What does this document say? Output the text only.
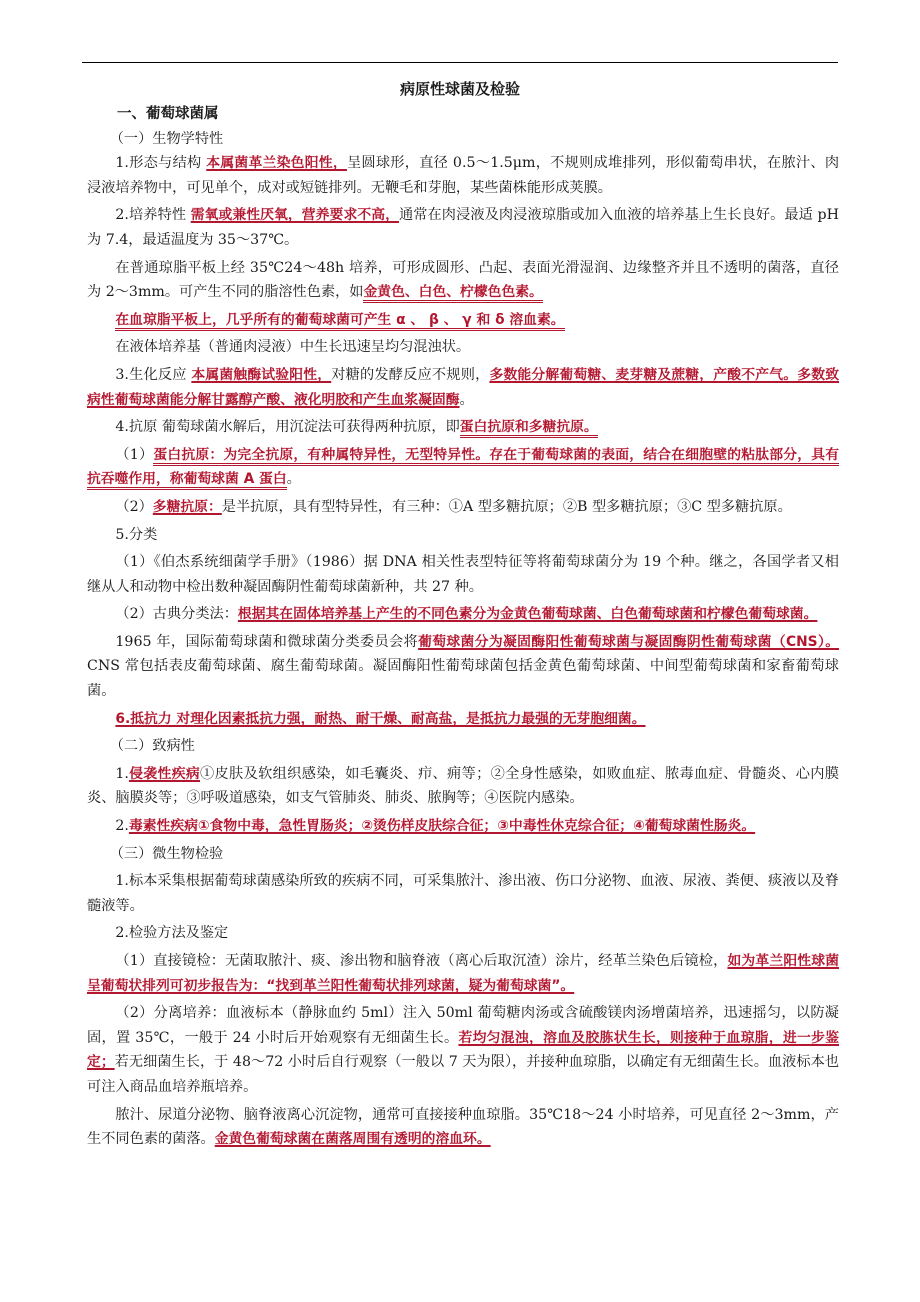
病原性球菌及检验

一、葡萄球菌属

（一）生物学特性

1.形态与结构 本属菌革兰染色阳性，呈圆球形，直径 0.5～1.5μm，不规则成堆排列，形似葡萄串状，在脓汁、肉浸液培养物中，可见单个，成对或短链排列。无鞭毛和芽胞，某些菌株能形成荚膜。

2.培养特性 需氧或兼性厌氧，营养要求不高，通常在肉浸液及肉浸液琼脂或加入血液的培养基上生长良好。最适 pH 为 7.4，最适温度为 35～37℃。

在普通琼脂平板上经 35℃24～48h 培养，可形成圆形、凸起、表面光滑湿润、边缘整齐并且不透明的菌落，直径为 2～3mm。可产生不同的脂溶性色素，如金黄色、白色、柠檬色色素。

在血琼脂平板上，几乎所有的葡萄球菌可产生 α 、 β 、 γ 和 δ 溶血素。

在液体培养基（普通肉浸液）中生长迅速呈均匀混浊状。

3.生化反应 本属菌触酶试验阳性，对糖的发酵反应不规则，多数能分解葡萄糖、麦芽糖及蔗糖，产酸不产气。多数致病性葡萄球菌能分解甘露醇产酸、液化明胶和产生血浆凝固酶。

4.抗原 葡萄球菌水解后，用沉淀法可获得两种抗原，即蛋白抗原和多糖抗原。

（1）蛋白抗原：为完全抗原，有种属特异性，无型特异性。存在于葡萄球菌的表面，结合在细胞壁的粘肽部分，具有抗吞噬作用，称葡萄球菌 A 蛋白。

（2）多糖抗原：是半抗原，具有型特异性，有三种：①A 型多糖抗原；②B 型多糖抗原；③C 型多糖抗原。

5.分类

（1）《伯杰系统细菌学手册》（1986）据 DNA 相关性表型特征等将葡萄球菌分为 19 个种。继之，各国学者又相继从人和动物中检出数种凝固酶阴性葡萄球菌新种，共 27 种。

（2）古典分类法：根据其在固体培养基上产生的不同色素分为金黄色葡萄球菌、白色葡萄球菌和柠檬色葡萄球菌。

1965 年，国际葡萄球菌和微球菌分类委员会将葡萄球菌分为凝固酶阳性葡萄球菌与凝固酶阴性葡萄球菌（CNS）。CNS 常包括表皮葡萄球菌、腐生葡萄球菌。凝固酶阳性葡萄球菌包括金黄色葡萄球菌、中间型葡萄球菌和家畜葡萄球菌。

6.抵抗力 对理化因素抵抗力强，耐热、耐干燥、耐高盐，是抵抗力最强的无芽胞细菌。

（二）致病性

1.侵袭性疾病①皮肤及软组织感染，如毛囊炎、疖、痈等；②全身性感染，如败血症、脓毒血症、骨髓炎、心内膜炎、脑膜炎等；③呼吸道感染，如支气管肺炎、肺炎、脓胸等；④医院内感染。

2.毒素性疾病①食物中毒，急性胃肠炎；②烫伤样皮肤综合征；③中毒性休克综合征；④葡萄球菌性肠炎。

（三）微生物检验

1.标本采集根据葡萄球菌感染所致的疾病不同，可采集脓汁、渗出液、伤口分泌物、血液、尿液、粪便、痰液以及脊髓液等。

2.检验方法及鉴定

（1）直接镜检：无菌取脓汁、痰、渗出物和脑脊液（离心后取沉渣）涂片，经革兰染色后镜检，如为革兰阳性球菌呈葡萄状排列可初步报告为：“找到革兰阳性葡萄状排列球菌，疑为葡萄球菌”。

（2）分离培养：血液标本（静脉血约 5ml）注入 50ml 葡萄糖肉汤或含硫酸镁肉汤增菌培养，迅速摇匀，以防凝固，置 35℃，一般于 24 小时后开始观察有无细菌生长。若均匀混浊，溶血及胶胨状生长，则接种于血琼脂，进一步鉴定；若无细菌生长，于 48～72 小时后自行观察（一般以 7 天为限），并接种血琼脂，以确定有无细菌生长。血液标本也可注入商品血培养瓶培养。

脓汁、尿道分泌物、脑脊液离心沉淀物，通常可直接接种血琼脂。35℃18～24 小时培养，可见直径 2～3mm，产生不同色素的菌落。金黄色葡萄球菌在菌落周围有透明的溶血环。
